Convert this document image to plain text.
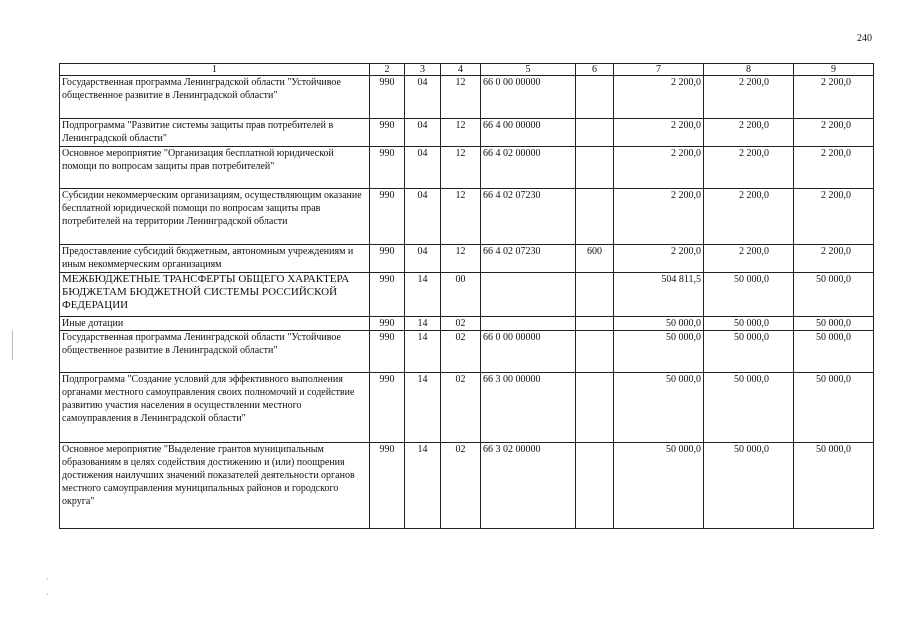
240
1	2	3	4	5	6	7	8	9
Государственная программа Ленинградской области "Устойчивое общественное развитие в Ленинградской области"	990	04	12	66 0 00 00000		2 200,0	2 200,0	2 200,0
Подпрограмма "Развитие системы защиты прав потребителей в Ленинградской области"	990	04	12	66 4 00 00000		2 200,0	2 200,0	2 200,0
Основное мероприятие "Организация бесплатной юридической помощи по вопросам защиты прав потребителей"	990	04	12	66 4 02 00000		2 200,0	2 200,0	2 200,0
Субсидии некоммерческим организациям, осуществляющим оказание бесплатной юридической помощи по вопросам защиты прав потребителей на территории Ленинградской области	990	04	12	66 4 02 07230		2 200,0	2 200,0	2 200,0
Предоставление субсидий бюджетным, автономным учреждениям и иным некоммерческим организациям	990	04	12	66 4 02 07230	600	2 200,0	2 200,0	2 200,0
МЕЖБЮДЖЕТНЫЕ ТРАНСФЕРТЫ ОБЩЕГО ХАРАКТЕРА БЮДЖЕТАМ БЮДЖЕТНОЙ СИСТЕМЫ РОССИЙСКОЙ ФЕДЕРАЦИИ	990	14	00			504 811,5	50 000,0	50 000,0
Иные дотации	990	14	02			50 000,0	50 000,0	50 000,0
Государственная программа Ленинградской области "Устойчивое общественное развитие в Ленинградской области"	990	14	02	66 0 00 00000		50 000,0	50 000,0	50 000,0
Подпрограмма "Создание условий для эффективного выполнения органами местного самоуправления своих полномочий и содействие развитию участия населения в осуществлении местного самоуправления в Ленинградской области"	990	14	02	66 3 00 00000		50 000,0	50 000,0	50 000,0
Основное мероприятие "Выделение грантов муниципальным образованиям в целях содействия достижению и (или) поощрения достижения наилучших значений показателей деятельности органов местного самоуправления муниципальных районов и городского округа"	990	14	02	66 3 02 00000		50 000,0	50 000,0	50 000,0
·
·
